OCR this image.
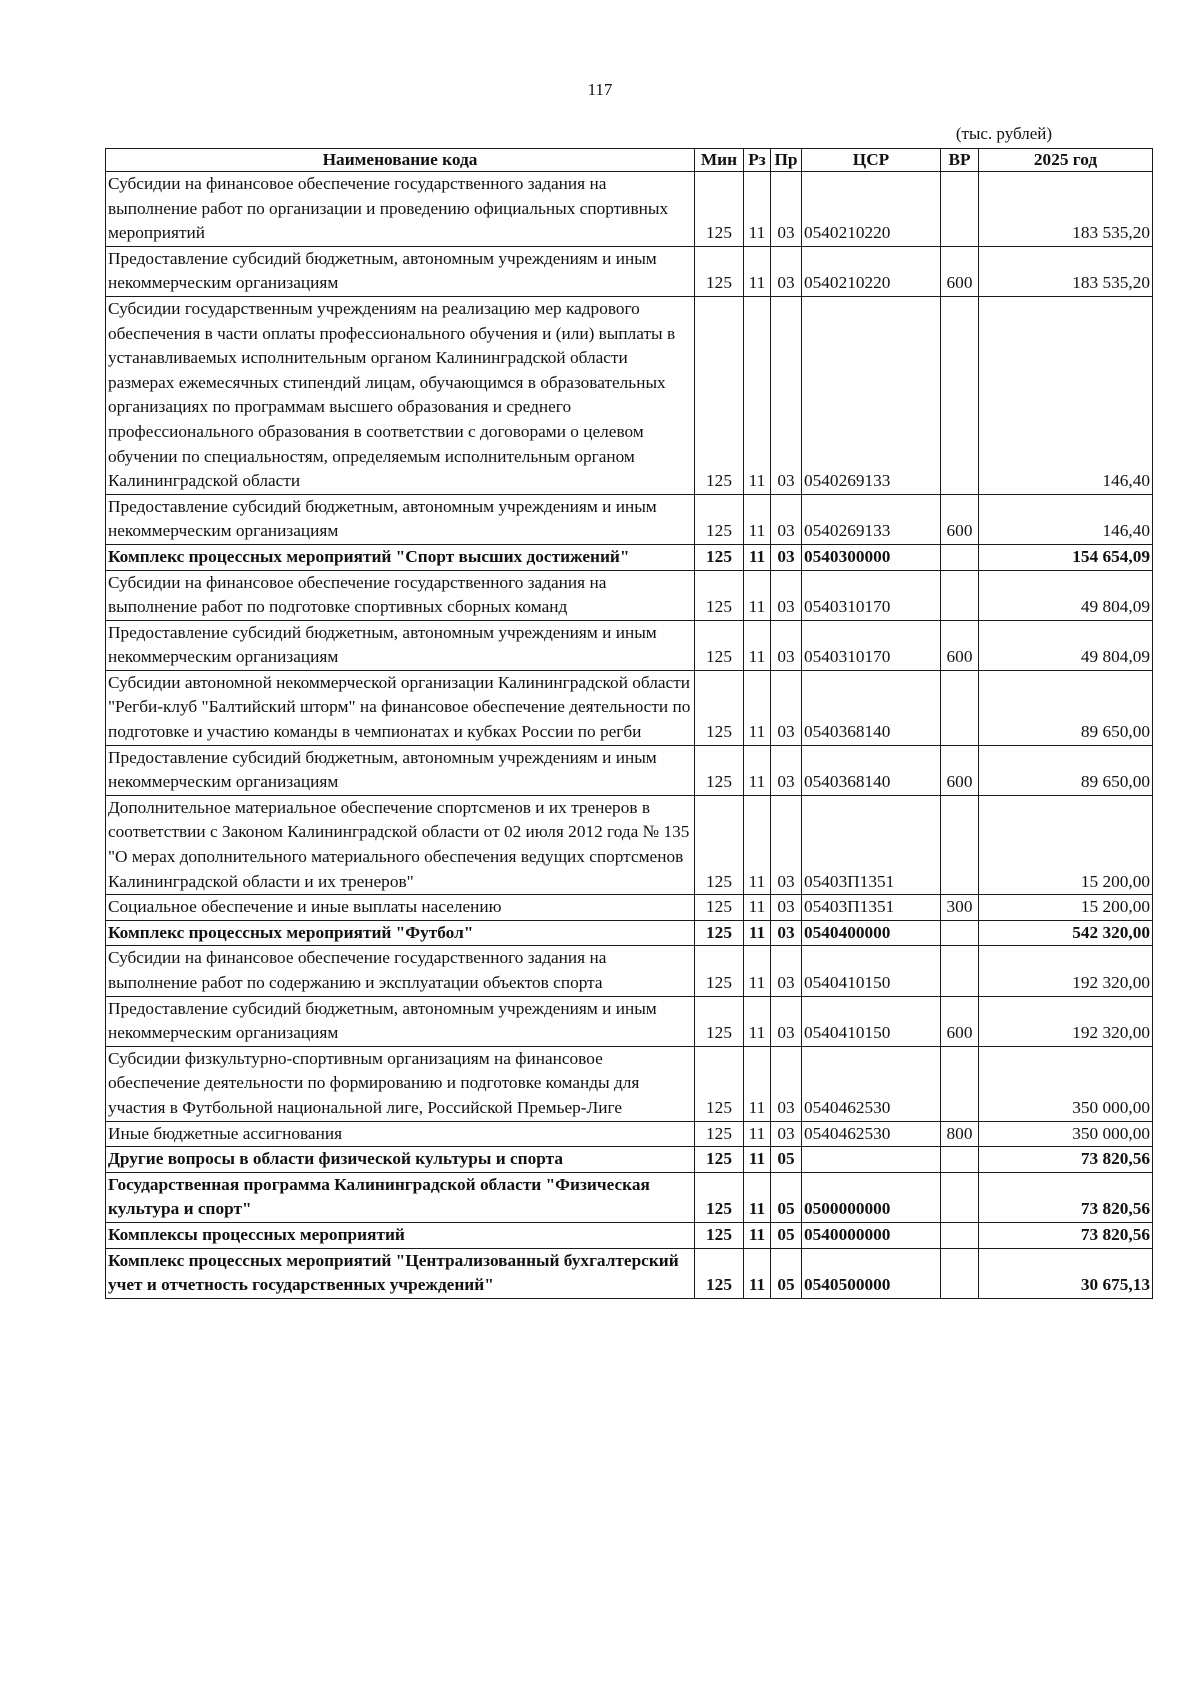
117
(тыс. рублей)
Наименование кода	Мин	Рз	Пр	ЦСР	ВР	2025 год
Субсидии на финансовое обеспечение государственного задания на выполнение работ по организации и проведению официальных спортивных мероприятий	125	11	03	0540210220		183 535,20
Предоставление субсидий бюджетным, автономным учреждениям и иным некоммерческим организациям	125	11	03	0540210220	600	183 535,20
Субсидии государственным учреждениям на реализацию мер кадрового обеспечения в части оплаты профессионального обучения и (или) выплаты в устанавливаемых исполнительным органом Калининградской области размерах ежемесячных стипендий лицам, обучающимся в образовательных организациях по программам высшего образования и среднего профессионального образования в соответствии с договорами о целевом обучении по специальностям, определяемым исполнительным органом Калининградской области	125	11	03	0540269133		146,40
Предоставление субсидий бюджетным, автономным учреждениям и иным некоммерческим организациям	125	11	03	0540269133	600	146,40
Комплекс процессных мероприятий "Спорт высших достижений"	125	11	03	0540300000		154 654,09
Субсидии на финансовое обеспечение государственного задания на выполнение работ по подготовке спортивных сборных команд	125	11	03	0540310170		49 804,09
Предоставление субсидий бюджетным, автономным учреждениям и иным некоммерческим организациям	125	11	03	0540310170	600	49 804,09
Субсидии автономной некоммерческой организации Калининградской области "Регби-клуб "Балтийский шторм" на финансовое обеспечение деятельности по подготовке и участию команды в чемпионатах и кубках России по регби	125	11	03	0540368140		89 650,00
Предоставление субсидий бюджетным, автономным учреждениям и иным некоммерческим организациям	125	11	03	0540368140	600	89 650,00
Дополнительное материальное обеспечение спортсменов и их тренеров в соответствии с Законом Калининградской области от 02 июля 2012 года № 135 "О мерах дополнительного материального обеспечения ведущих спортсменов Калининградской области и их тренеров"	125	11	03	05403П1351		15 200,00
Социальное обеспечение и иные выплаты населению	125	11	03	05403П1351	300	15 200,00
Комплекс процессных мероприятий "Футбол"	125	11	03	0540400000		542 320,00
Субсидии на финансовое обеспечение государственного задания на выполнение работ по содержанию и эксплуатации объектов спорта	125	11	03	0540410150		192 320,00
Предоставление субсидий бюджетным, автономным учреждениям и иным некоммерческим организациям	125	11	03	0540410150	600	192 320,00
Субсидии физкультурно-спортивным организациям на финансовое обеспечение деятельности по формированию и подготовке команды для участия в Футбольной национальной лиге, Российской Премьер-Лиге	125	11	03	0540462530		350 000,00
Иные бюджетные ассигнования	125	11	03	0540462530	800	350 000,00
Другие вопросы в области физической культуры и спорта	125	11	05			73 820,56
Государственная программа Калининградской области "Физическая культура и спорт"	125	11	05	0500000000		73 820,56
Комплексы процессных мероприятий	125	11	05	0540000000		73 820,56
Комплекс процессных мероприятий "Централизованный бухгалтерский учет и отчетность государственных учреждений"	125	11	05	0540500000		30 675,13
